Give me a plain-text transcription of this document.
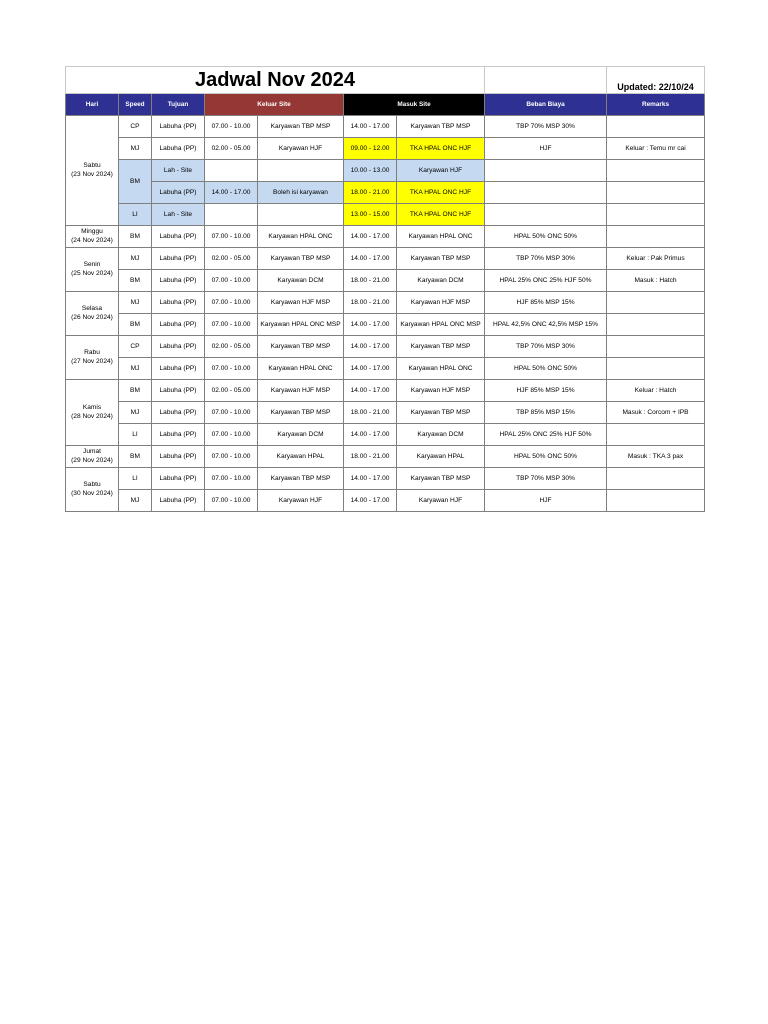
Jadwal Nov 2024								Updated: 22/10/24
Hari	Speed	Tujuan	Keluar Site		Masuk Site		Beban Biaya	Remarks
Sabtu
(23 Nov 2024)	CP	Labuha (PP)	07.00 - 10.00	Karyawan TBP MSP	14.00 - 17.00	Karyawan TBP MSP	TBP 70% MSP 30%	
	MJ	Labuha (PP)	02.00 - 05.00	Karyawan HJF	09.00 - 12.00	TKA HPAL ONC HJF	HJF	Keluar : Temu mr cai
	BM	Lah - Site			10.00 - 13.00	Karyawan HJF		
		Labuha (PP)	14.00 - 17.00	Boleh isi karyawan	18.00 - 21.00	TKA HPAL ONC HJF		
	LI	Lah - Site			13.00 - 15.00	TKA HPAL ONC HJF		
Minggu
(24 Nov 2024)	BM	Labuha (PP)	07.00 - 10.00	Karyawan HPAL ONC	14.00 - 17.00	Karyawan HPAL ONC	HPAL 50% ONC 50%	
Senin
(25 Nov 2024)	MJ	Labuha (PP)	02.00 - 05.00	Karyawan TBP MSP	14.00 - 17.00	Karyawan TBP MSP	TBP 70% MSP 30%	Keluar : Pak Primus
	BM	Labuha (PP)	07.00 - 10.00	Karyawan DCM	18.00 - 21.00	Karyawan DCM	HPAL 25% ONC 25% HJF 50%	Masuk : Hatch
Selasa
(26 Nov 2024)	MJ	Labuha (PP)	07.00 - 10.00	Karyawan HJF MSP	18.00 - 21.00	Karyawan HJF MSP	HJF 85% MSP 15%	
	BM	Labuha (PP)	07.00 - 10.00	Karyawan HPAL ONC MSP	14.00 - 17.00	Karyawan HPAL ONC MSP	HPAL 42,5% ONC 42,5% MSP 15%	
Rabu
(27 Nov 2024)	CP	Labuha (PP)	02.00 - 05.00	Karyawan TBP MSP	14.00 - 17.00	Karyawan TBP MSP	TBP 70% MSP 30%	
	MJ	Labuha (PP)	07.00 - 10.00	Karyawan HPAL ONC	14.00 - 17.00	Karyawan HPAL ONC	HPAL 50% ONC 50%	
Kamis
(28 Nov 2024)	BM	Labuha (PP)	02.00 - 05.00	Karyawan HJF MSP	14.00 - 17.00	Karyawan HJF MSP	HJF 85% MSP 15%	Keluar : Hatch
	MJ	Labuha (PP)	07.00 - 10.00	Karyawan TBP MSP	18.00 - 21.00	Karyawan TBP MSP	TBP 85% MSP 15%	Masuk : Corcom + IPB
	LI	Labuha (PP)	07.00 - 10.00	Karyawan DCM	14.00 - 17.00	Karyawan DCM	HPAL 25% ONC 25% HJF 50%	
Jumat
(29 Nov 2024)	BM	Labuha (PP)	07.00 - 10.00	Karyawan HPAL	18.00 - 21.00	Karyawan HPAL	HPAL 50% ONC 50%	Masuk : TKA 3 pax
Sabtu
(30 Nov 2024)	LI	Labuha (PP)	07.00 - 10.00	Karyawan TBP MSP	14.00 - 17.00	Karyawan TBP MSP	TBP 70% MSP 30%	
	MJ	Labuha (PP)	07.00 - 10.00	Karyawan HJF	14.00 - 17.00	Karyawan HJF	HJF	
